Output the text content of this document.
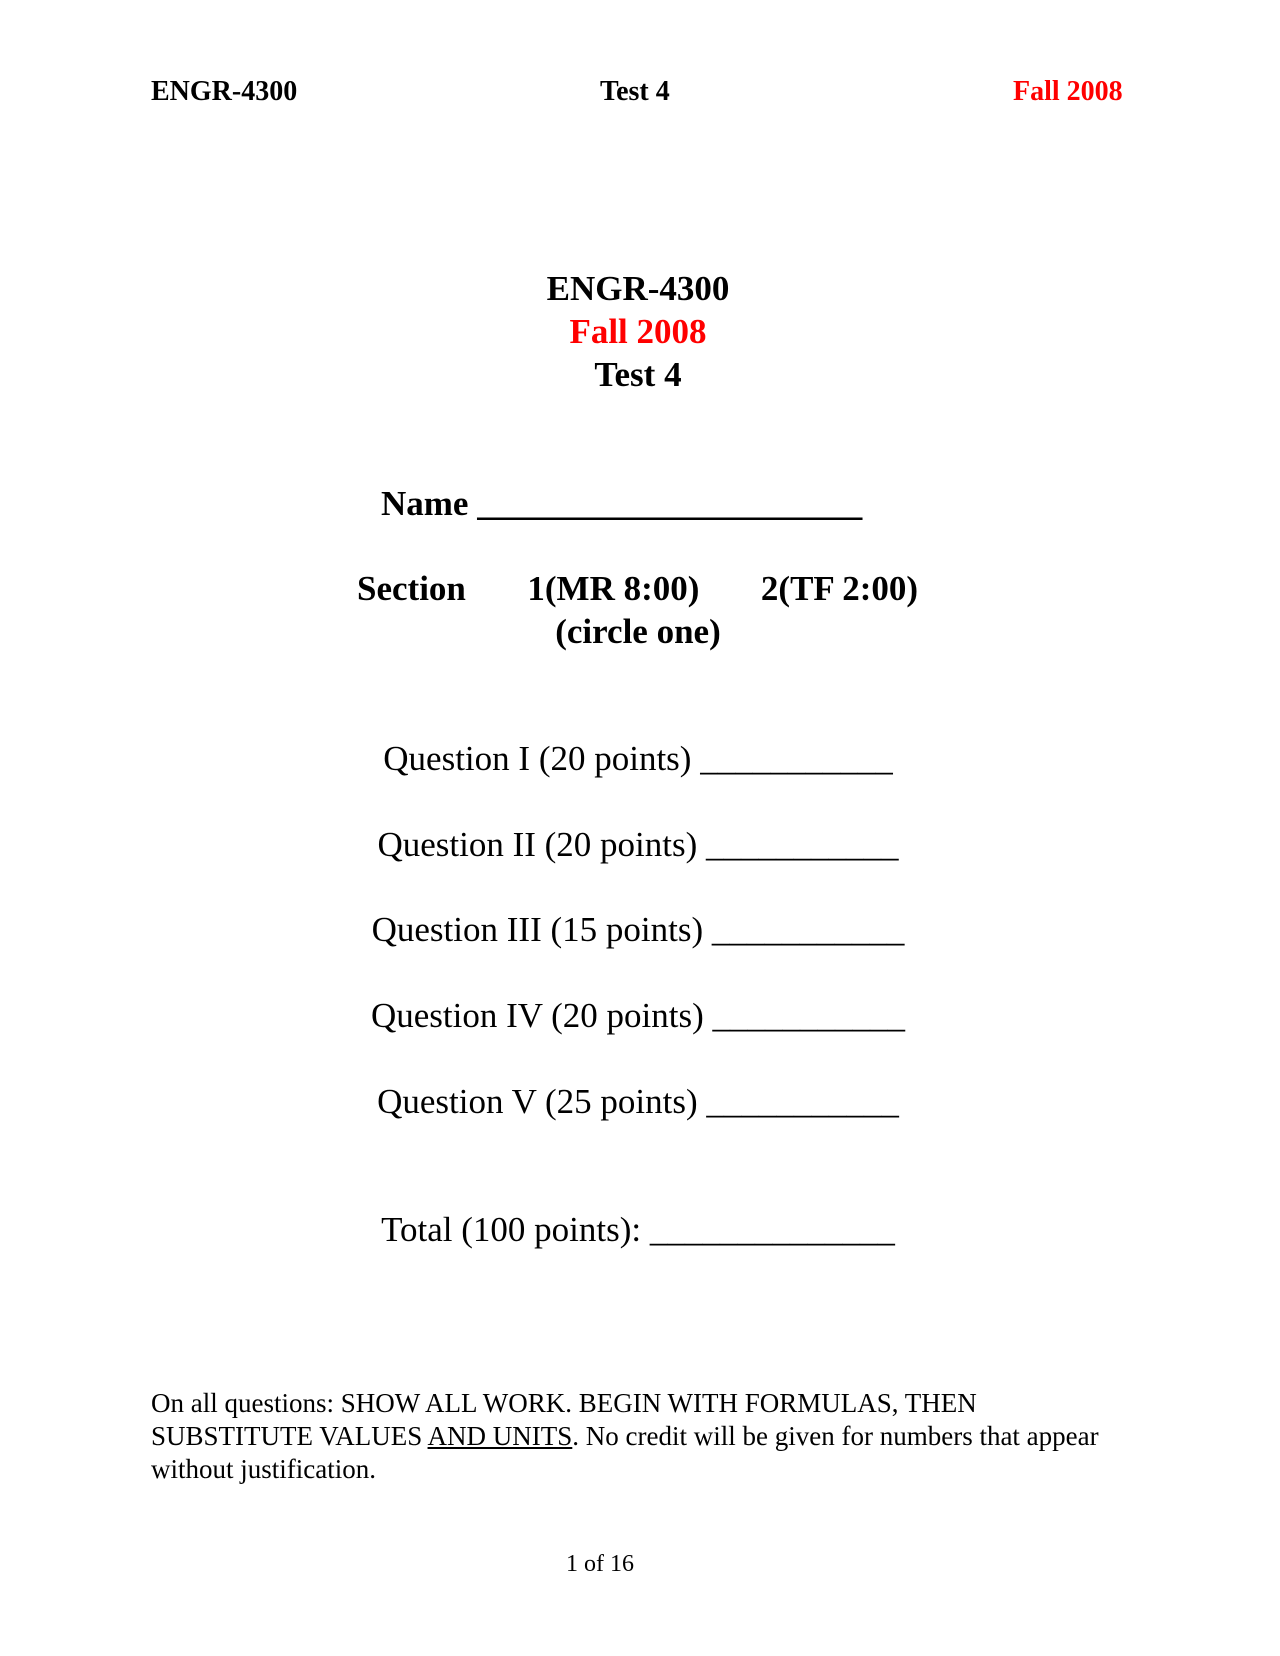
ENGR-4300	Test 4	Fall 2008
ENGR-4300
Fall 2008
Test 4
Name ______________________
Section 1(MR 8:00) 2(TF 2:00)
(circle one)
Question I (20 points) ___________
Question II (20 points) ___________
Question III (15 points) ___________
Question IV (20 points) ___________
Question V (25 points) ___________
Total (100 points): ______________
On all questions: SHOW ALL WORK. BEGIN WITH FORMULAS, THEN SUBSTITUTE VALUES AND UNITS. No credit will be given for numbers that appear without justification.
1 of 16
